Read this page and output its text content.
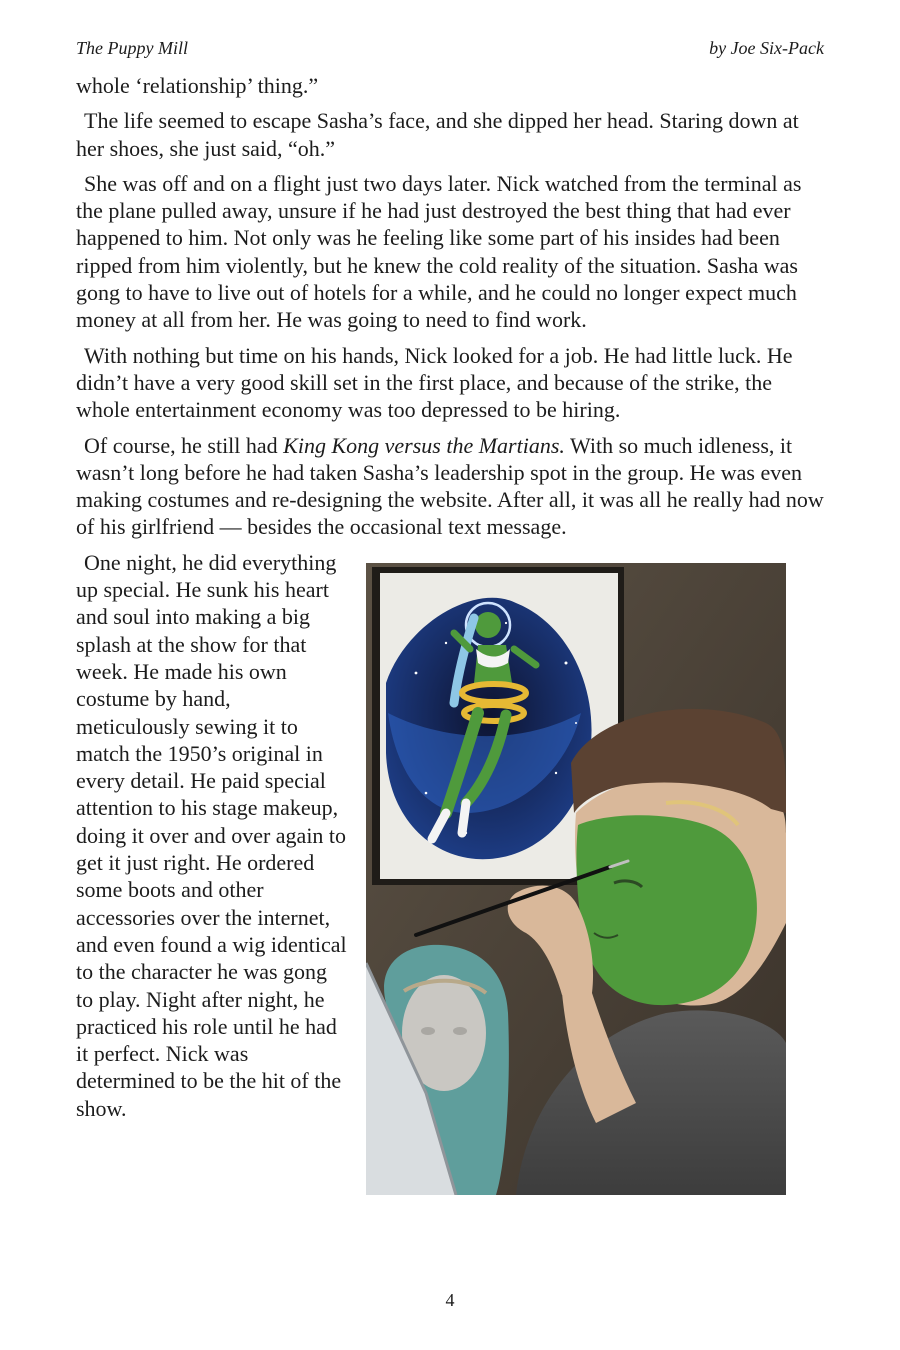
The Puppy Mill	by Joe Six-Pack

whole ‘relationship’ thing.”

The life seemed to escape Sasha’s face, and she dipped her head. Staring down at her shoes, she just said, “oh.”

She was off and on a flight just two days later. Nick watched from the terminal as the plane pulled away, unsure if he had just destroyed the best thing that had ever happened to him. Not only was he feeling like some part of his insides had been ripped from him violently, but he knew the cold reality of the situation. Sasha was gong to have to live out of hotels for a while, and he could no longer expect much money at all from her. He was going to need to find work.

With nothing but time on his hands, Nick looked for a job. He had little luck. He didn’t have a very good skill set in the first place, and because of the strike, the whole entertainment economy was too depressed to be hiring.

Of course, he still had King Kong versus the Martians. With so much idleness, it wasn’t long before he had taken Sasha’s leadership spot in the group. He was even making costumes and re-designing the website. After all, it was all he really had now of his girlfriend — besides the occasional text message.

One night, he did everything up special. He sunk his heart and soul into making a big splash at the show for that week. He made his own costume by hand, meticulously sewing it to match the 1950’s original in every detail. He paid special attention to his stage makeup, doing it over and over again to get it just right. He ordered some boots and other accessories over the internet, and even found a wig identical to the character he was gong to play. Night after night, he practiced his role until he had it perfect. Nick was determined to be the hit of the show.

4
